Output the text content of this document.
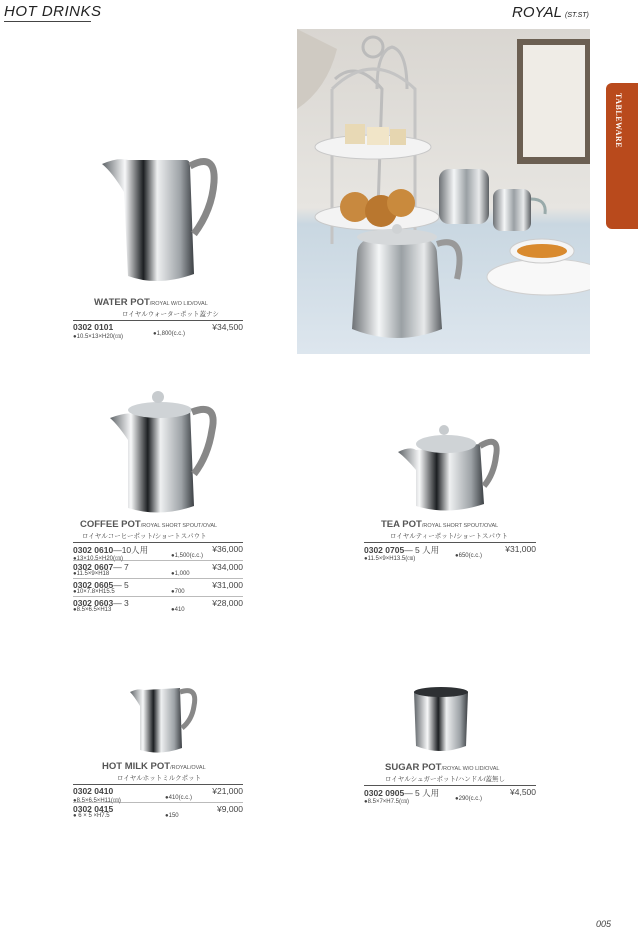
HOT DRINKS	ROYAL (ST.ST)
TABLEWARE
WATER POT/ROYAL W/O LID/OVAL
ロイヤルウォーターポット蓋ナシ
0302 0101	¥34,500
●10.5×13×H20(㎝)	●1,800(c.c.)
COFFEE POT/ROYAL SHORT SPOUT/OVAL
ロイヤルコーヒーポット/ショートスパウト
0302 0610—10人用	¥36,000
●13×10.5×H20(㎝)	●1,500(c.c.)
0302 0607— 7	¥34,000
●11.5×9×H18	●1,000
0302 0605— 5	¥31,000
●10×7.8×H15.5	●700
0302 0603— 3	¥28,000
●8.5×6.5×H13	●410
TEA POT/ROYAL SHORT SPOUT/OVAL
ロイヤルティーポット/ショートスパウト
0302 0705— 5 人用	¥31,000
●11.5×9×H13.5(㎝)	●650(c.c.)
HOT MILK POT/ROYAL/OVAL
ロイヤルホットミルクポット
0302 0410	¥21,000
●8.5×6.5×H11(㎝)	●410(c.c.)
0302 0415	¥9,000
● 6 × 5 ×H7.5	●150
SUGAR POT/ROYAL W/O LID/OVAL
ロイヤルシュガーポット/ハンドル/蓋無し
0302 0905— 5 人用	¥4,500
●8.5×7×H7.5(㎝)	●290(c.c.)
005
